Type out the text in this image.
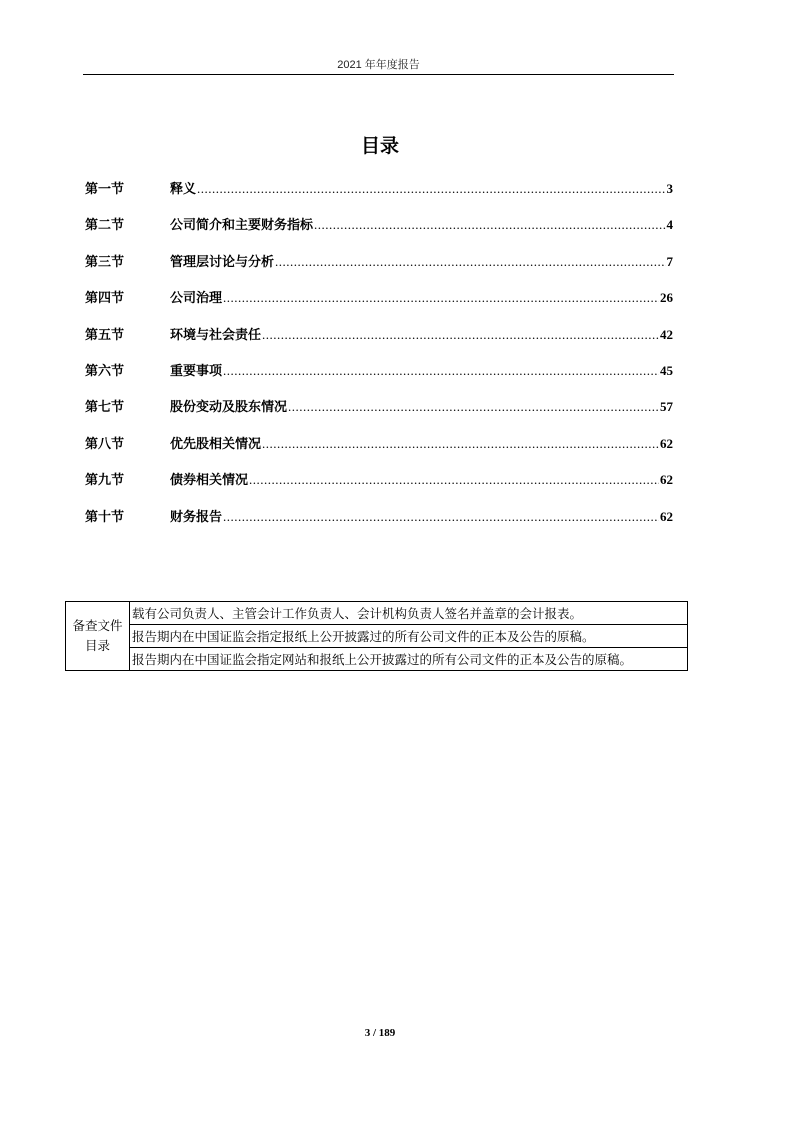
2021 年年度报告
目录
第一节	释义 .....	3
第二节	公司简介和主要财务指标 .....	4
第三节	管理层讨论与分析 .....	7
第四节	公司治理 .....	26
第五节	环境与社会责任 .....	42
第六节	重要事项 .....	45
第七节	股份变动及股东情况 .....	57
第八节	优先股相关情况 .....	62
第九节	债券相关情况 .....	62
第十节	财务报告 .....	62
备查文件
目录
	载有公司负责人、主管会计工作负责人、会计机构负责人签名并盖章的会计报表。
报告期内在中国证监会指定报纸上公开披露过的所有公司文件的正本及公告的原稿。
报告期内在中国证监会指定网站和报纸上公开披露过的所有公司文件的正本及公告的原稿。
3 / 189
